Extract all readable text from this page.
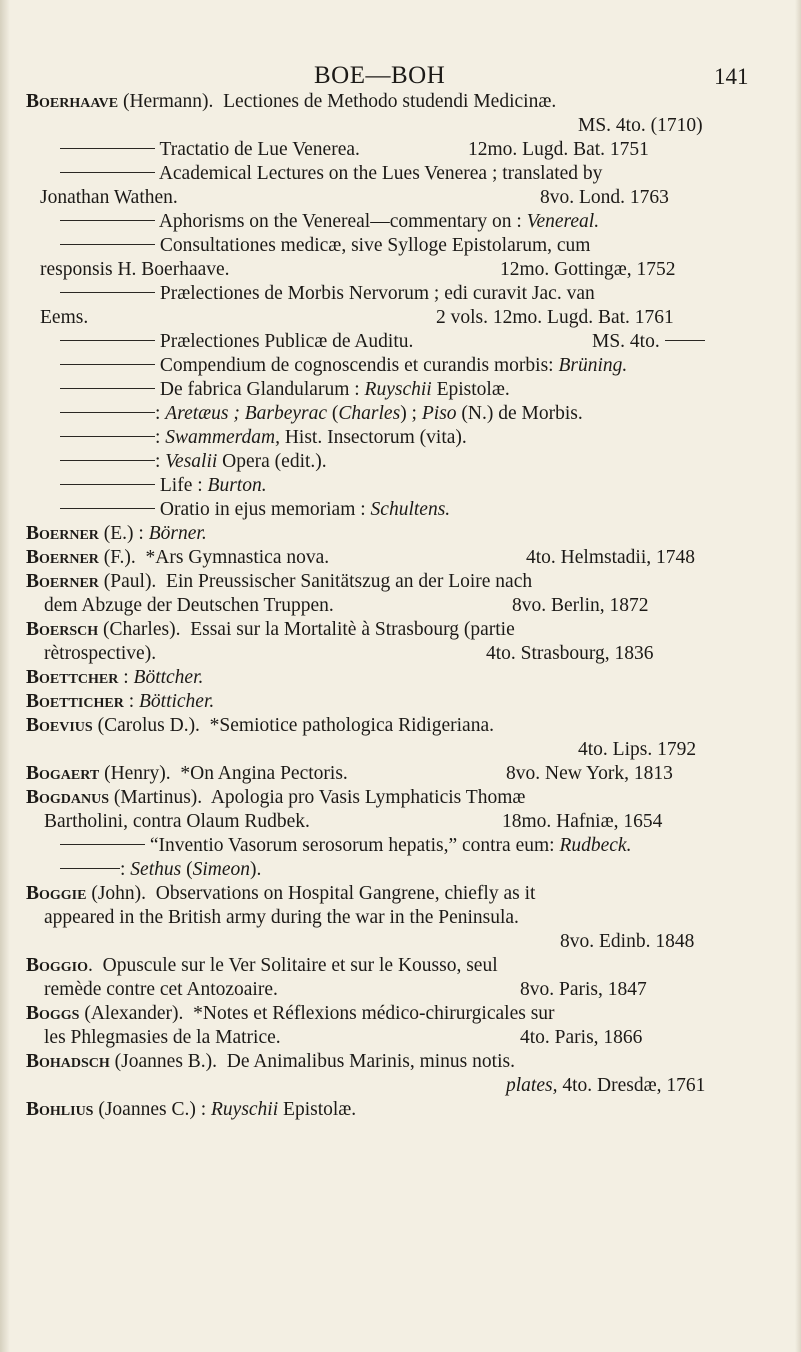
BOE—BOH	141

Boerhaave (Hermann).  Lectiones de Methodo studendi Medicinæ.

MS. 4to. (1710)

Tractatio de Lue Venerea.

	12mo. Lugd. Bat. 1751

Academical Lectures on the Lues Venerea ; translated by

Jonathan Wathen.

	8vo. Lond. 1763

Aphorisms on the Venereal—commentary on : Venereal.

Consultationes medicæ, sive Sylloge Epistolarum, cum

responsis H. Boerhaave.

	12mo. Gottingæ, 1752

Prælectiones de Morbis Nervorum ; edi curavit Jac. van

Eems.

	2 vols. 12mo. Lugd. Bat. 1761

Prælectiones Publicæ de Auditu.

	MS. 4to.

Compendium de cognoscendis et curandis morbis: Brüning.

De fabrica Glandularum : Ruyschii Epistolæ.

: Aretæus ; Barbeyrac (Charles) ; Piso (N.) de Morbis.

: Swammerdam, Hist. Insectorum (vita).

: Vesalii Opera (edit.).

Life : Burton.

Oratio in ejus memoriam : Schultens.

Boerner (E.) : Börner.

Boerner (F.).  *Ars Gymnastica nova.

	4to. Helmstadii, 1748

Boerner (Paul).  Ein Preussischer Sanitätszug an der Loire nach

dem Abzuge der Deutschen Truppen.

	8vo. Berlin, 1872

Boersch (Charles).  Essai sur la Mortalitè à Strasbourg (partie

rètrospective).

	4to. Strasbourg, 1836

Boettcher : Böttcher.

Boetticher : Bötticher.

Boevius (Carolus D.).  *Semiotice pathologica Ridigeriana.

4to. Lips. 1792

Bogaert (Henry).  *On Angina Pectoris.

	8vo. New York, 1813

Bogdanus (Martinus).  Apologia pro Vasis Lymphaticis Thomæ

Bartholini, contra Olaum Rudbek.

	18mo. Hafniæ, 1654

“Inventio Vasorum serosorum hepatis,” contra eum: Rudbeck.

: Sethus (Simeon).

Boggie (John).  Observations on Hospital Gangrene, chiefly as it

appeared in the British army during the war in the Peninsula.

8vo. Edinb. 1848

Boggio.  Opuscule sur le Ver Solitaire et sur le Kousso, seul

remède contre cet Antozoaire.

	8vo. Paris, 1847

Boggs (Alexander).  *Notes et Réflexions médico-chirurgicales sur

les Phlegmasies de la Matrice.

	4to. Paris, 1866

Bohadsch (Joannes B.).  De Animalibus Marinis, minus notis.

plates, 4to. Dresdæ, 1761

Bohlius (Joannes C.) : Ruyschii Epistolæ.
